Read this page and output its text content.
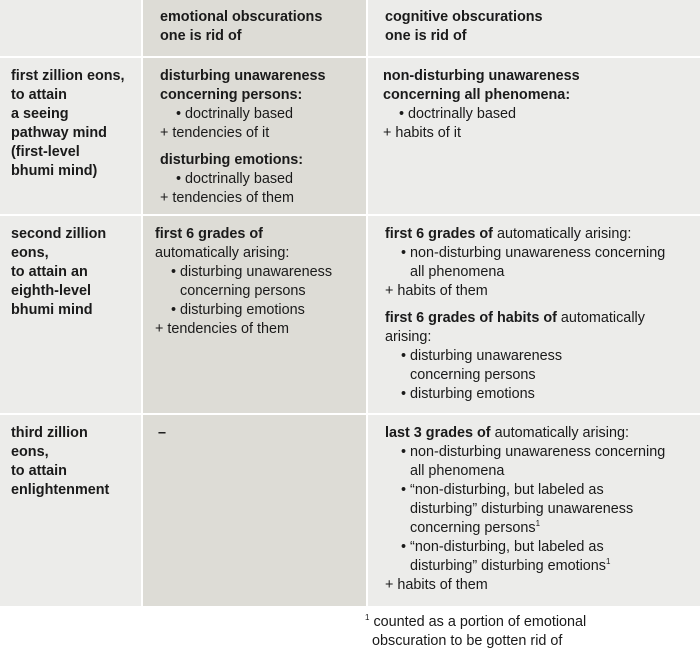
emotional obscurations
one is rid of
cognitive obscurations
one is rid of
first zillion eons,
to attain
a seeing
pathway mind
(first-level
bhumi mind)
disturbing unawareness
concerning persons:
• doctrinally based
+ tendencies of it
disturbing emotions:
• doctrinally based
+ tendencies of them
non-disturbing unawareness
concerning all phenomena:
• doctrinally based
+ habits of it
second zillion
eons,
to attain an
eighth-level
bhumi mind
first 6 grades of
automatically arising:
• disturbing unawareness
concerning persons
• disturbing emotions
+ tendencies of them
first 6 grades of automatically arising:
• non-disturbing unawareness concerning
all phenomena
+ habits of them
first 6 grades of habits of automatically
arising:
• disturbing unawareness
concerning persons
• disturbing emotions
third zillion
eons,
to attain
enlightenment
–	last 3 grades of automatically arising:
• non-disturbing unawareness concerning
all phenomena
• “non-disturbing, but labeled as
disturbing” disturbing unawareness
concerning persons$^1$
• “non-disturbing, but labeled as
disturbing” disturbing emotions$^1$
+ habits of them
$^1$ counted as a portion of emotional
obscuration to be gotten rid of
